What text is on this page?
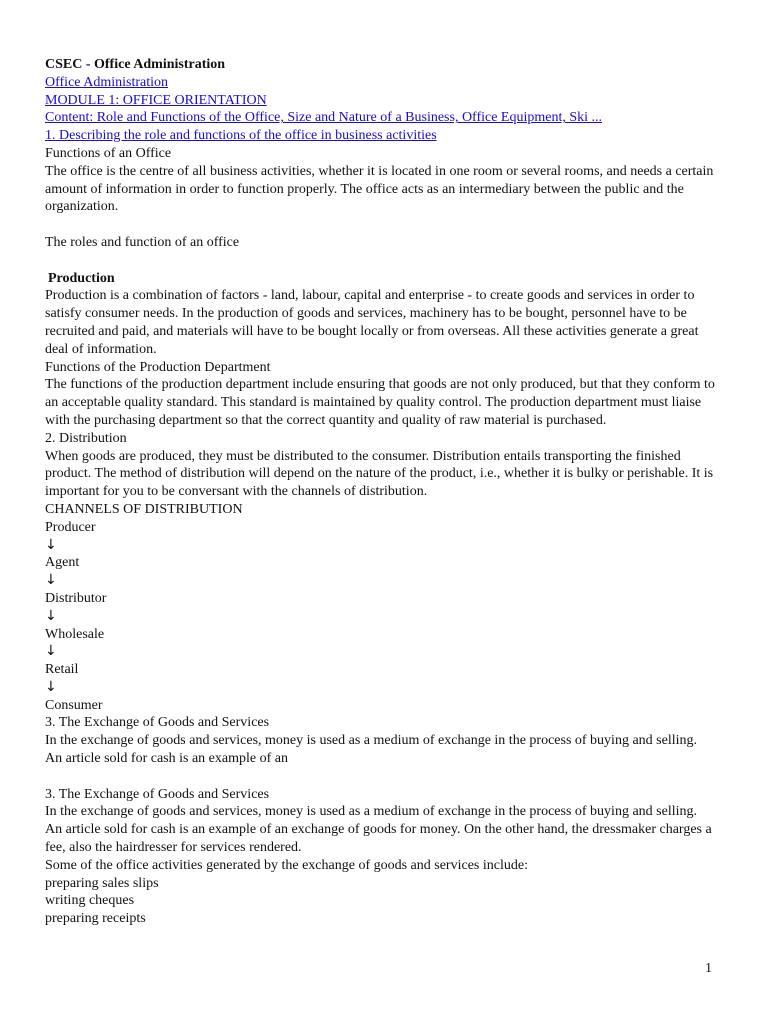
CSEC - Office Administration

Office Administration
MODULE 1: OFFICE ORIENTATION
Content: Role and Functions of the Office, Size and Nature of a Business, Office Equipment, Ski ...
1. Describing the role and functions of the office in business activities

Functions of an Office

The office is the centre of all business activities, whether it is located in one room or several rooms, and needs a certain amount of information in order to function properly. The office acts as an intermediary between the public and the organization.

The roles and function of an office

Production

Production is a combination of factors - land, labour, capital and enterprise - to create goods and services in order to satisfy consumer needs. In the production of goods and services, machinery has to be bought, personnel have to be recruited and paid, and materials will have to be bought locally or from overseas. All these activities generate a great deal of information.

Functions of the Production Department

The functions of the production department include ensuring that goods are not only produced, but that they conform to an acceptable quality standard. This standard is maintained by quality control. The production department must liaise with the purchasing department so that the correct quantity and quality of raw material is purchased.

2. Distribution

When goods are produced, they must be distributed to the consumer. Distribution entails transporting the finished product. The method of distribution will depend on the nature of the product, i.e., whether it is bulky or perishable. It is important for you to be conversant with the channels of distribution.

CHANNELS OF DISTRIBUTION

Producer

↓

Agent

↓

Distributor

↓

Wholesale

↓

Retail

↓

Consumer

3. The Exchange of Goods and Services

In the exchange of goods and services, money is used as a medium of exchange in the process of buying and selling. An article sold for cash is an example of an

3. The Exchange of Goods and Services

In the exchange of goods and services, money is used as a medium of exchange in the process of buying and selling. An article sold for cash is an example of an exchange of goods for money. On the other hand, the dressmaker charges a fee, also the hairdresser for services rendered.

Some of the office activities generated by the exchange of goods and services include:

preparing sales slips

writing cheques

preparing receipts

1
